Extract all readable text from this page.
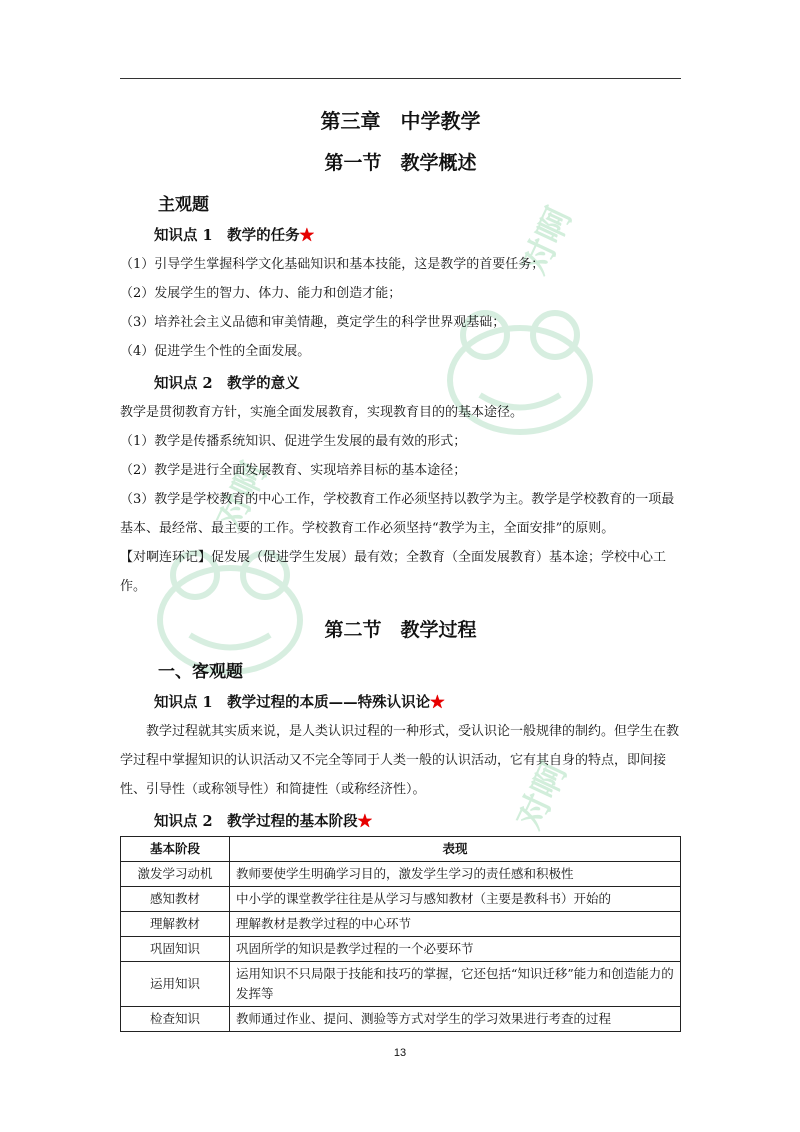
对啊
对啊
对啊
第三章　中学教学
第一节　教学概述
主观题
知识点 1　教学的任务★

（1）引导学生掌握科学文化基础知识和基本技能，这是教学的首要任务；

（2）发展学生的智力、体力、能力和创造才能；

（3）培养社会主义品德和审美情趣，奠定学生的科学世界观基础；

（4）促进学生个性的全面发展。

知识点 2　教学的意义

教学是贯彻教育方针，实施全面发展教育，实现教育目的的基本途径。

（1）教学是传播系统知识、促进学生发展的最有效的形式；

（2）教学是进行全面发展教育、实现培养目标的基本途径；

（3）教学是学校教育的中心工作，学校教育工作必须坚持以教学为主。教学是学校教育的一项最基本、最经常、最主要的工作。学校教育工作必须坚持“教学为主，全面安排”的原则。

【对啊连环记】促发展（促进学生发展）最有效；全教育（全面发展教育）基本途；学校中心工作。

第二节　教学过程
一、客观题
知识点 1　教学过程的本质——特殊认识论★

教学过程就其实质来说，是人类认识过程的一种形式，受认识论一般规律的制约。但学生在教学过程中掌握知识的认识活动又不完全等同于人类一般的认识活动，它有其自身的特点，即间接性、引导性（或称领导性）和简捷性（或称经济性）。

知识点 2　教学过程的基本阶段★
基本阶段	表现
激发学习动机	教师要使学生明确学习目的，激发学生学习的责任感和积极性
感知教材	中小学的课堂教学往往是从学习与感知教材（主要是教科书）开始的
理解教材	理解教材是教学过程的中心环节
巩固知识	巩固所学的知识是教学过程的一个必要环节
运用知识	运用知识不只局限于技能和技巧的掌握，它还包括“知识迁移”能力和创造能力的发挥等
检查知识	教师通过作业、提问、测验等方式对学生的学习效果进行考查的过程
13
